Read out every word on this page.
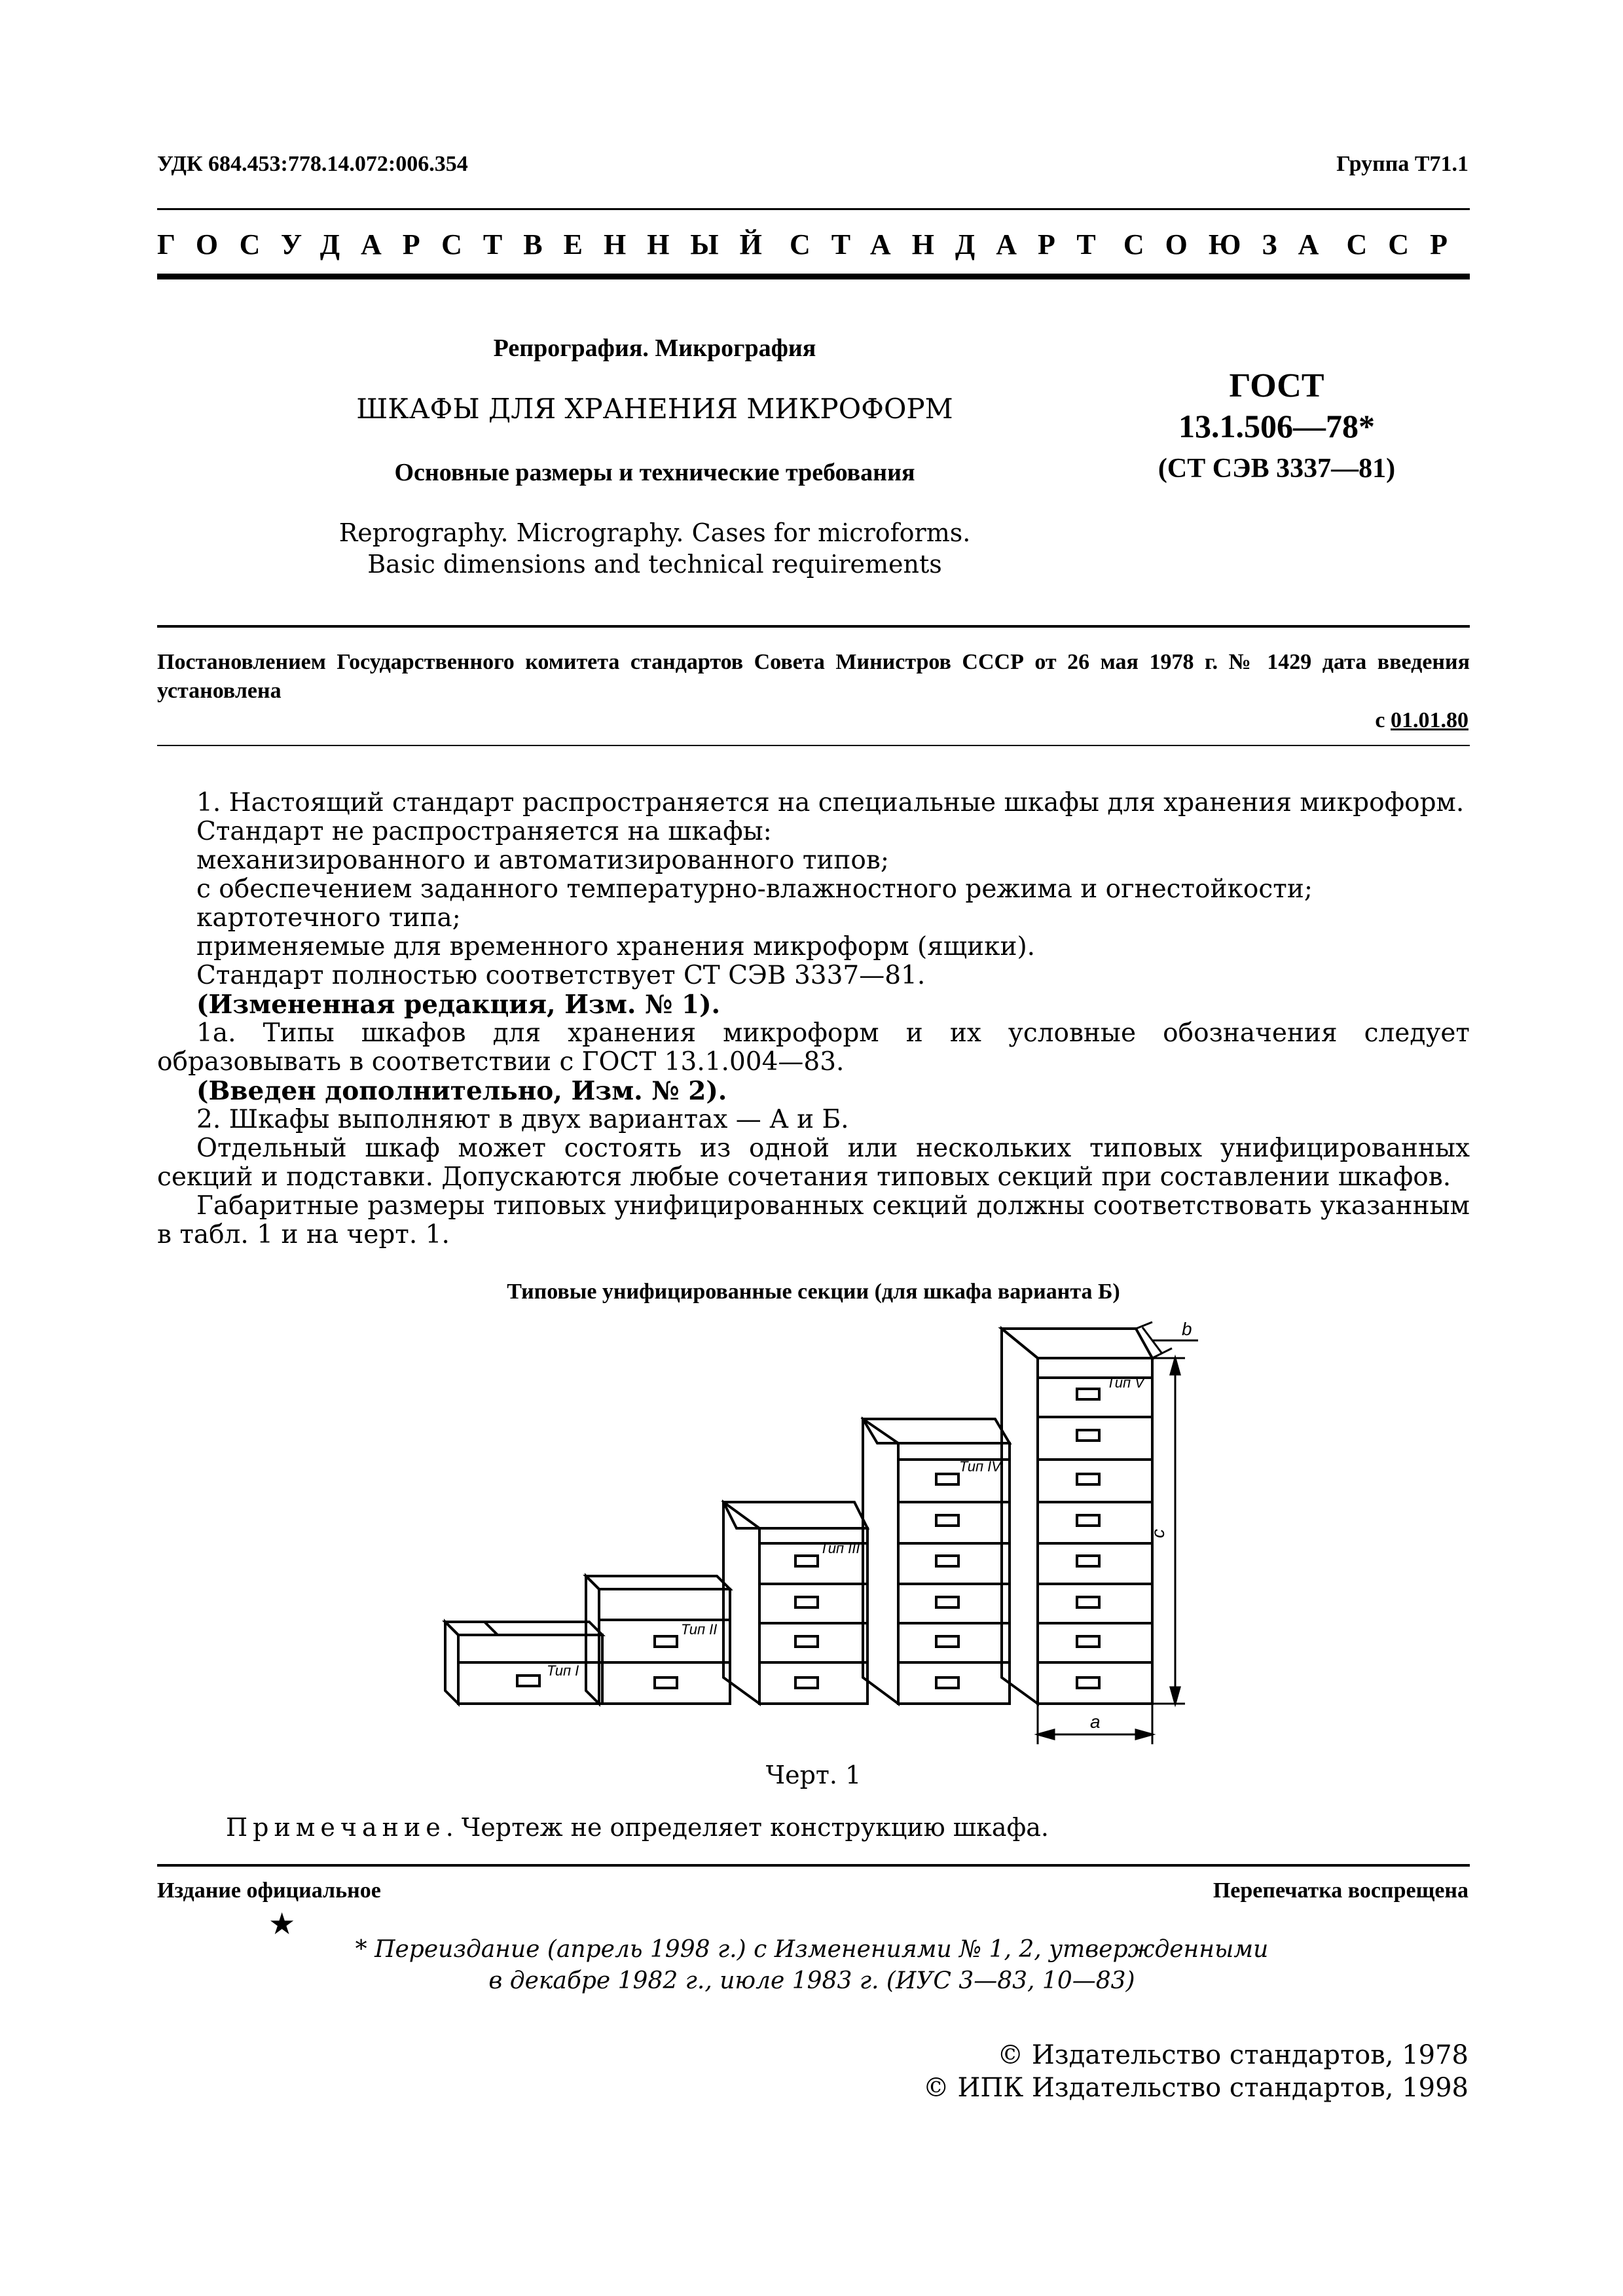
УДК 684.453:778.14.072:006.354	Группа Т71.1
ГОСУДАРСТВЕННЫЙ СТАНДАРТ СОЮЗА ССР
Репрография. Микрография
ШКАФЫ ДЛЯ ХРАНЕНИЯ МИКРОФОРМ
Основные размеры и технические требования
Reprography. Micrography. Cases for microforms.
Basic dimensions and technical requirements
ГОСТ
13.1.506—78*
(СТ СЭВ 3337—81)
Постановлением Государственного комитета стандартов Совета Министров СССР от 26 мая 1978 г. № 1429 дата введения установлена
с 01.01.80

1. Настоящий стандарт распространяется на специальные шкафы для хранения микроформ.

Стандарт не распространяется на шкафы:

механизированного и автоматизированного типов;

с обеспечением заданного температурно-влажностного режима и огнестойкости;

картотечного типа;

применяемые для временного хранения микроформ (ящики).

Стандарт полностью соответствует СТ СЭВ 3337—81.

(Измененная редакция, Изм. № 1).

1а. Типы шкафов для хранения микроформ и их условные обозначения следует образовывать в соответствии с ГОСТ 13.1.004—83.

(Введен дополнительно, Изм. № 2).

2. Шкафы выполняют в двух вариантах — А и Б.

Отдельный шкаф может состоять из одной или нескольких типовых унифицированных секций и подставки. Допускаются любые сочетания типовых секций при составлении шкафов.

Габаритные размеры типовых унифицированных секций должны соответствовать указанным в табл. 1 и на черт. 1.

Типовые унифицированные секции (для шкафа варианта Б)
Тип I
Тип II
Тип III
Тип IV
Тип V
a
b
c
Черт. 1
Примечание. Чертеж не определяет конструкцию шкафа.
Издание официальное	Перепечатка воспрещена
★
* Переиздание (апрель 1998 г.) с Изменениями № 1, 2, утвержденными
в декабре 1982 г., июле 1983 г. (ИУС 3—83, 10—83)
© Издательство стандартов, 1978
© ИПК Издательство стандартов, 1998
